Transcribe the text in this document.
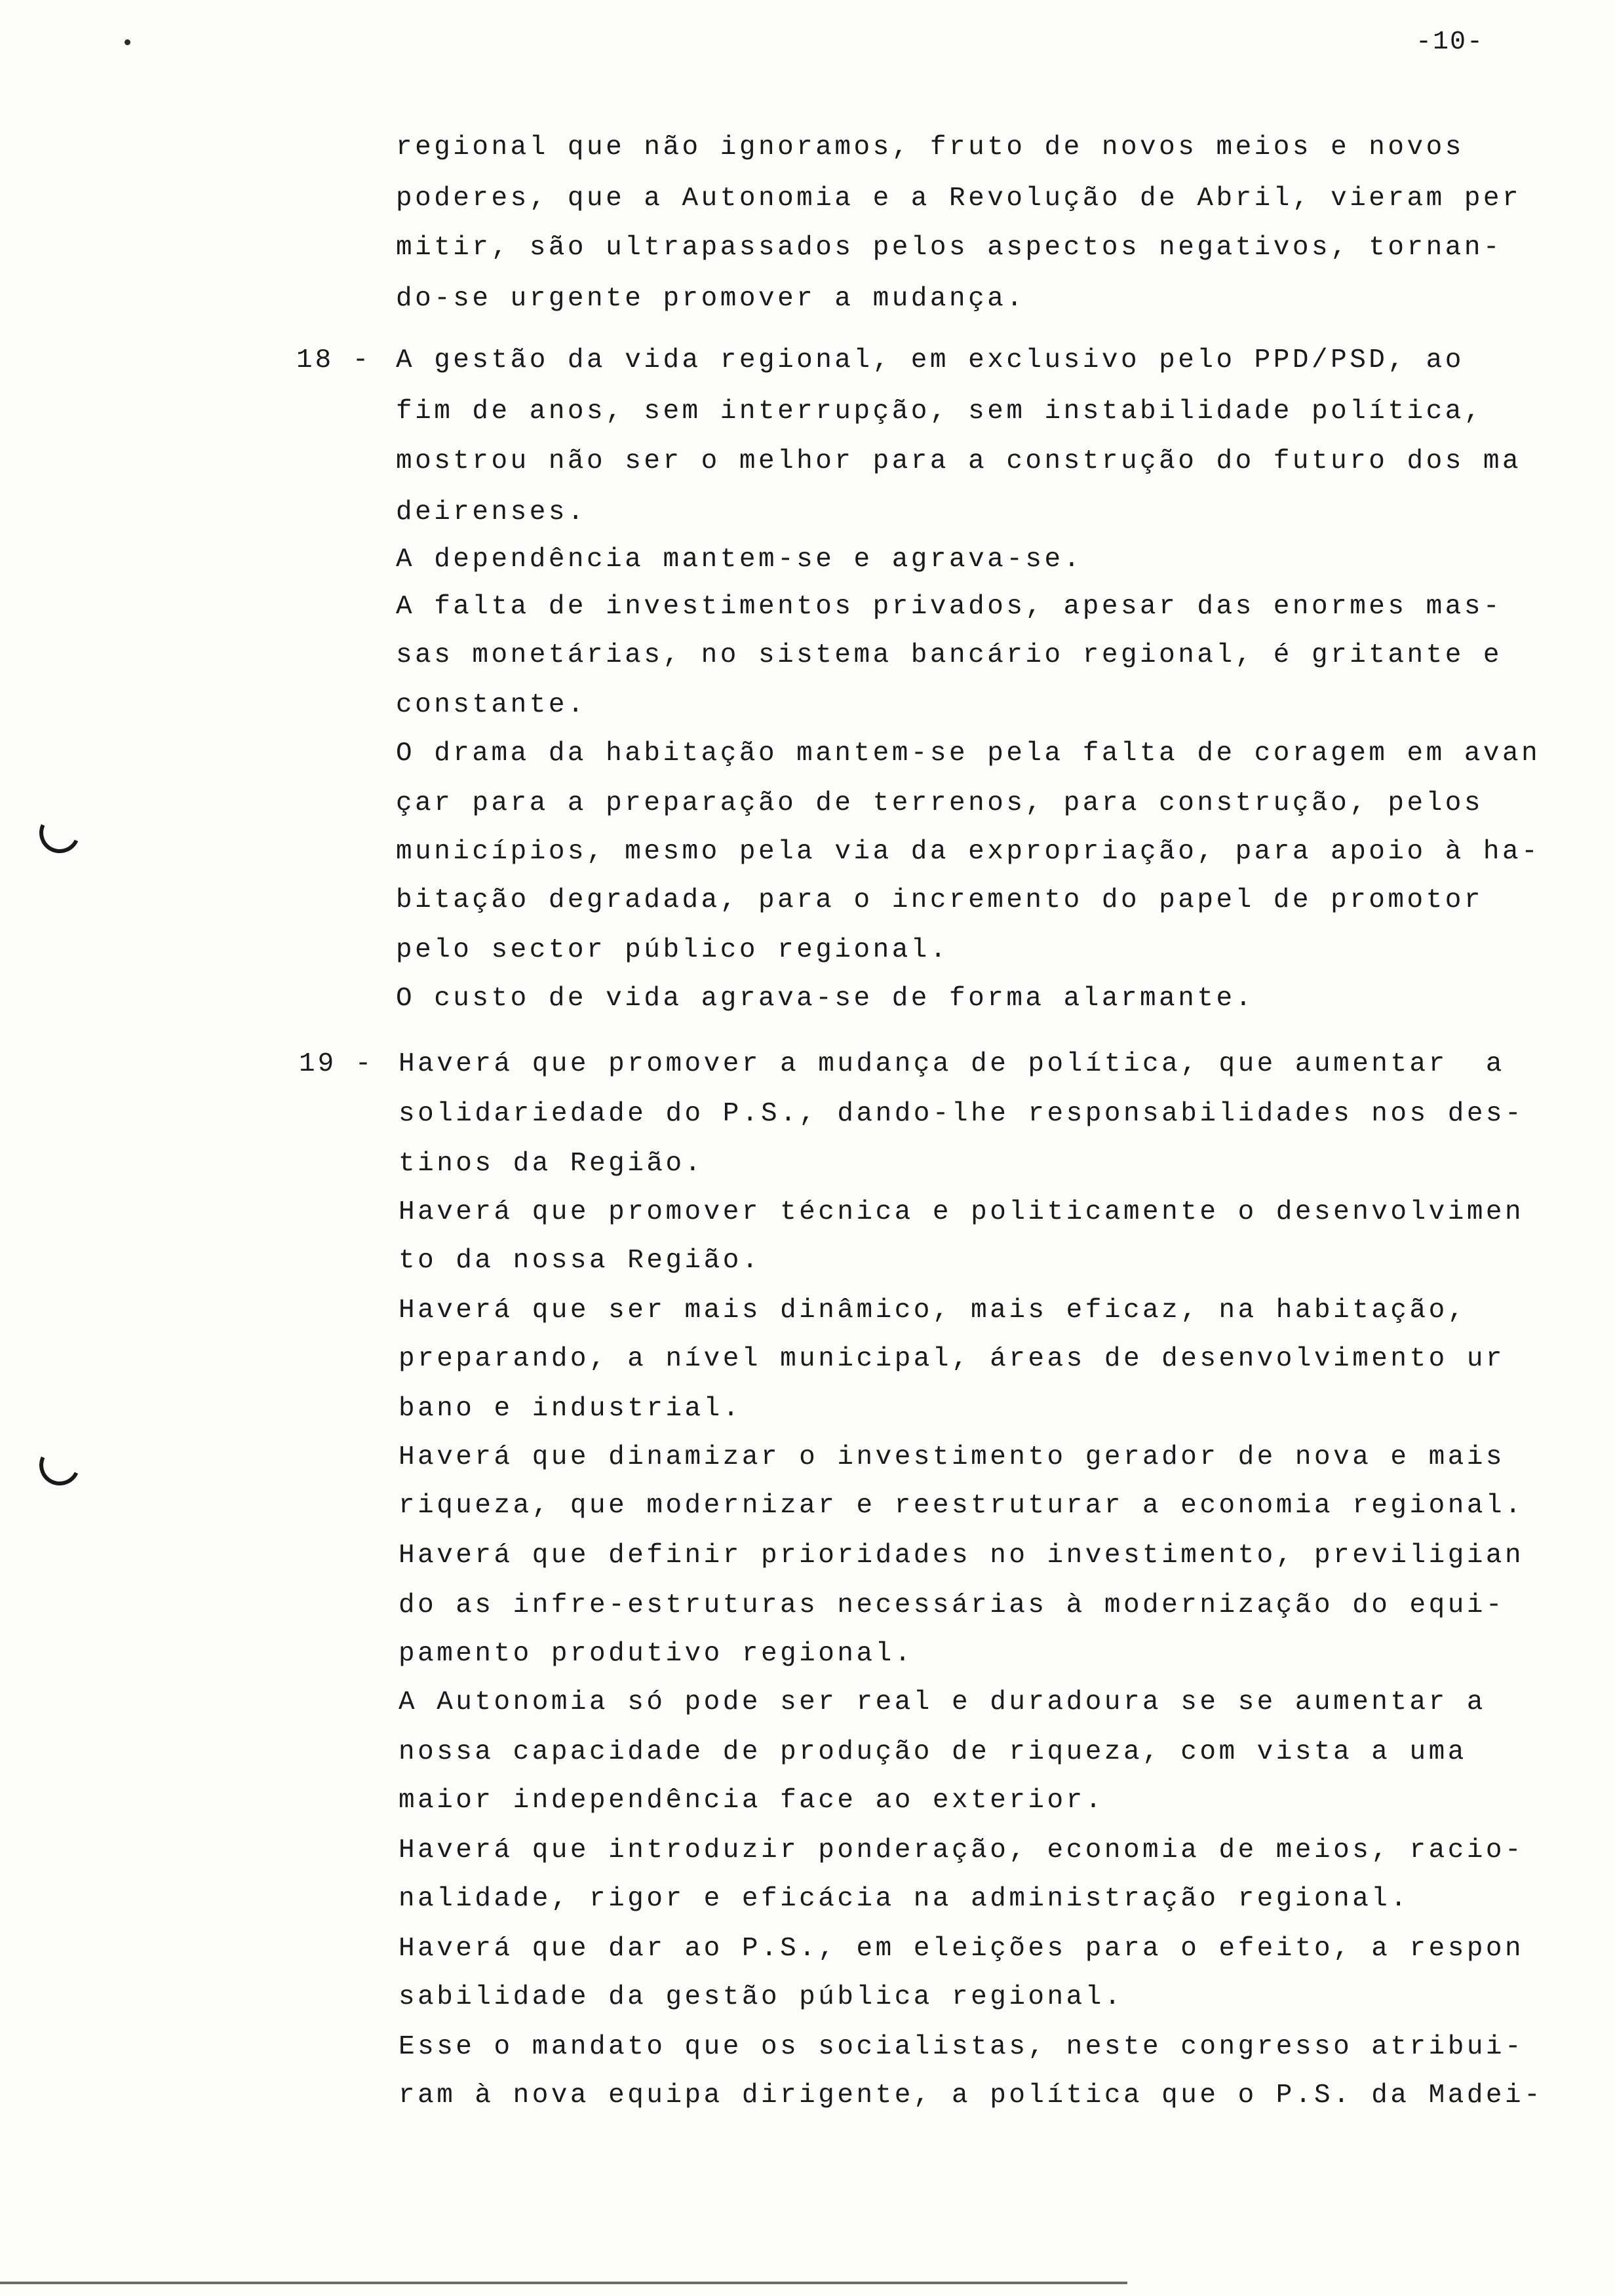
-10-
regional que não ignoramos, fruto de novos meios e novos
poderes, que a Autonomia e a Revolução de Abril, vieram per
mitir, são ultrapassados pelos aspectos negativos, tornan-
do-se urgente promover a mudança.
18 - A gestão da vida regional, em exclusivo pelo PPD/PSD, ao
fim de anos, sem interrupção, sem instabilidade política,
mostrou não ser o melhor para a construção do futuro dos ma
deirenses.
A dependência mantem-se e agrava-se.
A falta de investimentos privados, apesar das enormes mas-
sas monetárias, no sistema bancário regional, é gritante e
constante.
O drama da habitação mantem-se pela falta de coragem em avan
çar para a preparação de terrenos, para construção, pelos
municípios, mesmo pela via da expropriação, para apoio à ha-
bitação degradada, para o incremento do papel de promotor
pelo sector público regional.
O custo de vida agrava-se de forma alarmante.
19 - Haverá que promover a mudança de política, que aumentar  a
solidariedade do P.S., dando-lhe responsabilidades nos des-
tinos da Região.
Haverá que promover técnica e politicamente o desenvolvimen
to da nossa Região.
Haverá que ser mais dinâmico, mais eficaz, na habitação,
preparando, a nível municipal, áreas de desenvolvimento ur
bano e industrial.
Haverá que dinamizar o investimento gerador de nova e mais
riqueza, que modernizar e reestruturar a economia regional.
Haverá que definir prioridades no investimento, previligian
do as infre-estruturas necessárias à modernização do equi-
pamento produtivo regional.
A Autonomia só pode ser real e duradoura se se aumentar a
nossa capacidade de produção de riqueza, com vista a uma
maior independência face ao exterior.
Haverá que introduzir ponderação, economia de meios, racio-
nalidade, rigor e eficácia na administração regional.
Haverá que dar ao P.S., em eleições para o efeito, a respon
sabilidade da gestão pública regional.
Esse o mandato que os socialistas, neste congresso atribui-
ram à nova equipa dirigente, a política que o P.S. da Madei-
